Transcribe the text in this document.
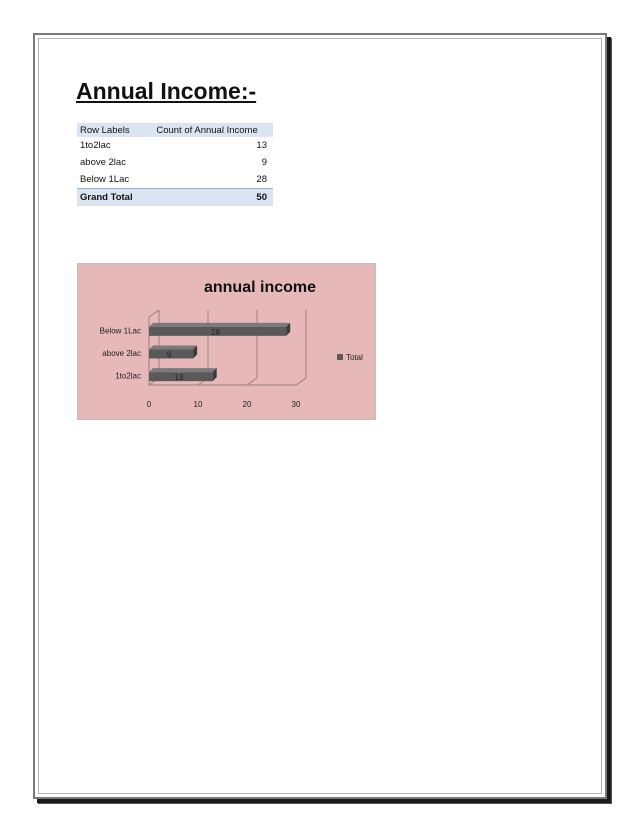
Annual Income:-
Row Labels	Count of Annual Income
1to2lac	13
above 2lac	9
Below 1Lac	28
Grand Total	50
annual income
0	10	20	30
28
Below 1Lac
9
above 2lac
13
1to2lac
Total
